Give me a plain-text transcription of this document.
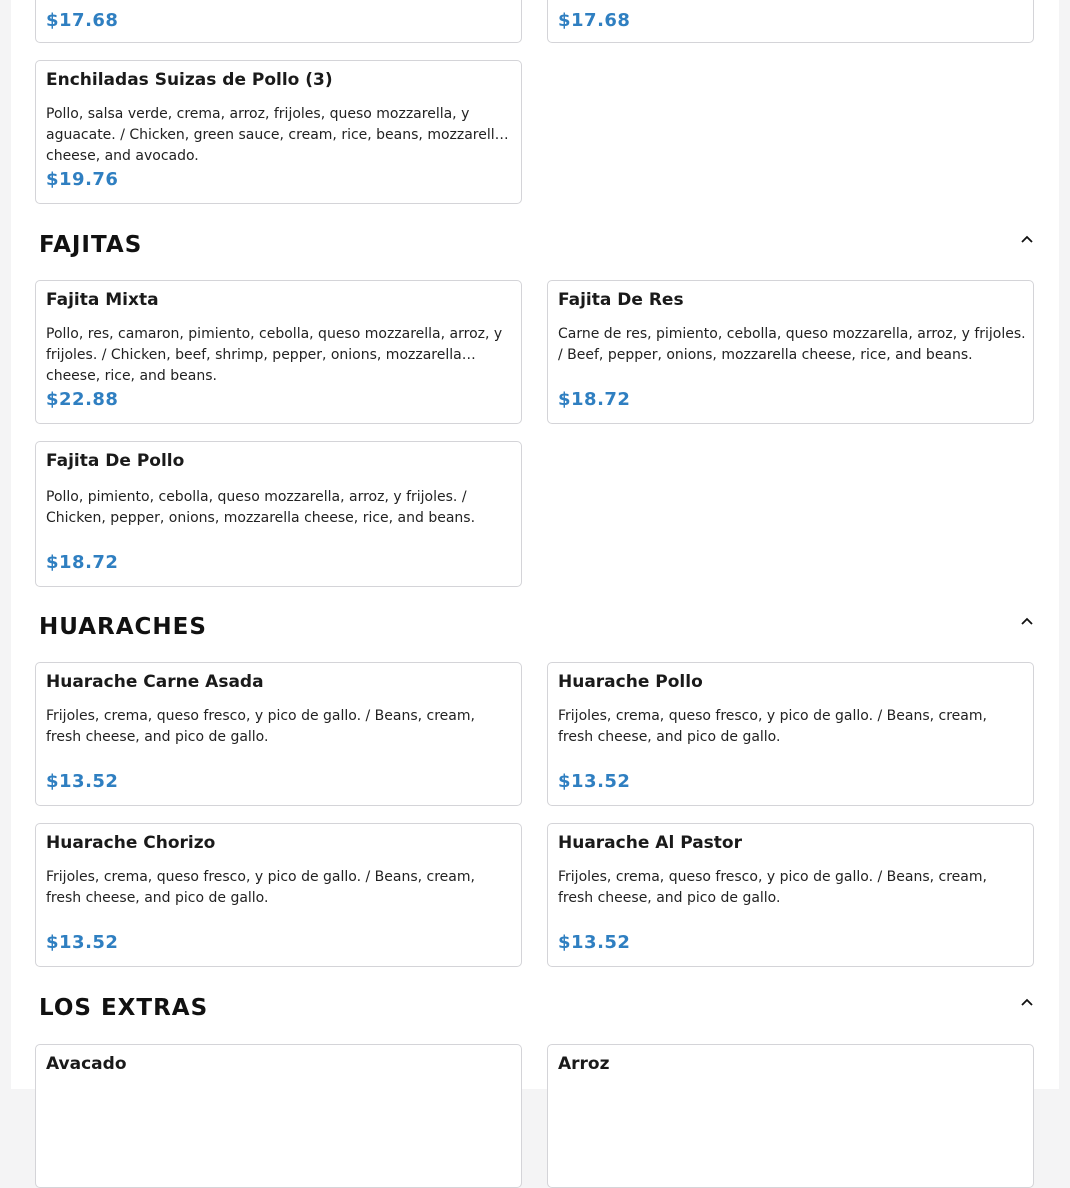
$17.68	$17.68
Enchiladas Suizas de Pollo (3)
Pollo, salsa verde, crema, arroz, frijoles, queso mozzarella, y aguacate. / Chicken, green sauce, cream, rice, beans, mozzarella cheese, and avocado.
$19.76
FAJITAS
Fajita Mixta
Pollo, res, camaron, pimiento, cebolla, queso mozzarella, arroz, y frijoles. / Chicken, beef, shrimp, pepper, onions, mozzarella cheese, rice, and beans.
$22.88
Fajita De Res
Carne de res, pimiento, cebolla, queso mozzarella, arroz, y frijoles. / Beef, pepper, onions, mozzarella cheese, rice, and beans.
$18.72
Fajita De Pollo
Pollo, pimiento, cebolla, queso mozzarella, arroz, y frijoles. / Chicken, pepper, onions, mozzarella cheese, rice, and beans.
$18.72
HUARACHES
Huarache Carne Asada
Frijoles, crema, queso fresco, y pico de gallo. / Beans, cream, fresh cheese, and pico de gallo.
$13.52
Huarache Pollo
Frijoles, crema, queso fresco, y pico de gallo. / Beans, cream, fresh cheese, and pico de gallo.
$13.52
Huarache Chorizo
Frijoles, crema, queso fresco, y pico de gallo. / Beans, cream, fresh cheese, and pico de gallo.
$13.52
Huarache Al Pastor
Frijoles, crema, queso fresco, y pico de gallo. / Beans, cream, fresh cheese, and pico de gallo.
$13.52
LOS EXTRAS
Avacado	Arroz
